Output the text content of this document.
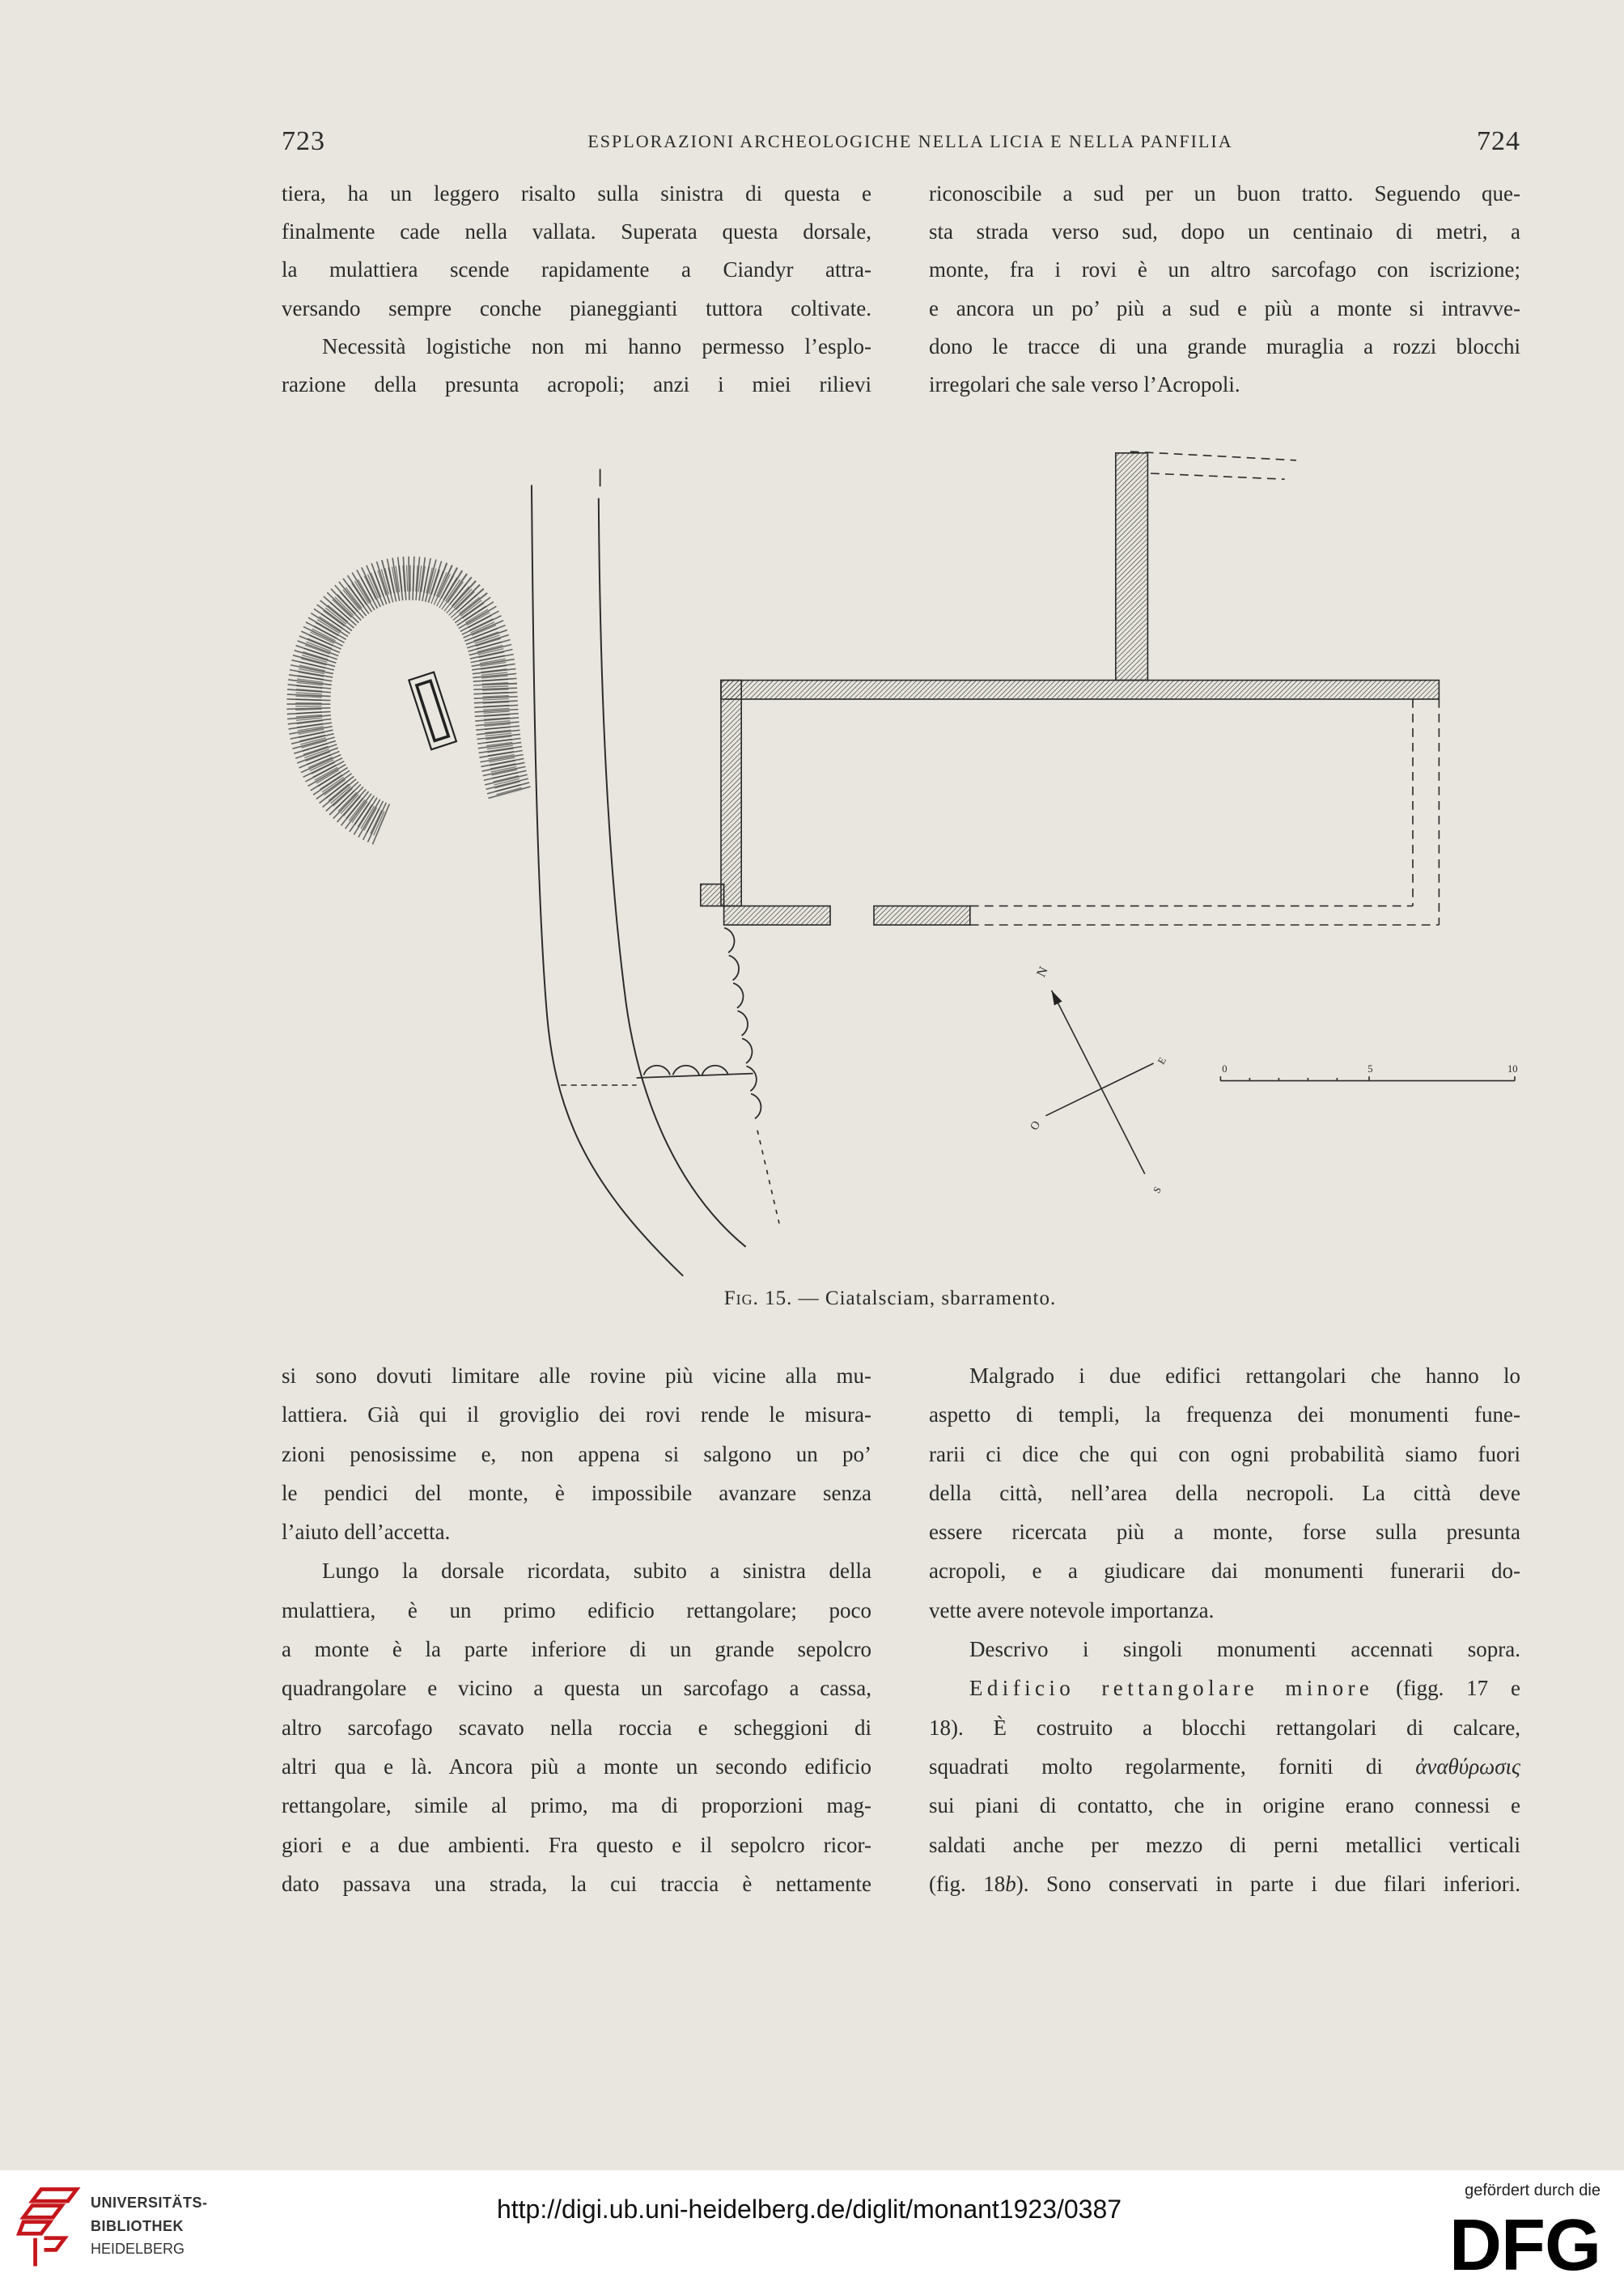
723	ESPLORAZIONI ARCHEOLOGICHE NELLA LICIA E NELLA PANFILIA	724
tiera, ha un leggero risalto sulla sinistra di questa e
finalmente cade nella vallata. Superata questa dorsale,
la mulattiera scende rapidamente a Ciandyr attra-
versando sempre conche pianeggianti tuttora coltivate.
Necessità logistiche non mi hanno permesso l’esplo-
razione della presunta acropoli; anzi i miei rilievi
riconoscibile a sud per un buon tratto. Seguendo que-
sta strada verso sud, dopo un centinaio di metri, a
monte, fra i rovi è un altro sarcofago con iscrizione;
e ancora un po’ più a sud e più a monte si intravve-
dono le tracce di una grande muraglia a rozzi blocchi
irregolari che sale verso l’Acropoli.
N
E
O
S
0	5	10
Fig. 15. — Ciatalsciam, sbarramento.
si sono dovuti limitare alle rovine più vicine alla mu-
lattiera. Già qui il groviglio dei rovi rende le misura-
zioni penosissime e, non appena si salgono un po’
le pendici del monte, è impossibile avanzare senza
l’aiuto dell’accetta.
Lungo la dorsale ricordata, subito a sinistra della
mulattiera, è un primo edificio rettangolare; poco
a monte è la parte inferiore di un grande sepolcro
quadrangolare e vicino a questa un sarcofago a cassa,
altro sarcofago scavato nella roccia e scheggioni di
altri qua e là. Ancora più a monte un secondo edificio
rettangolare, simile al primo, ma di proporzioni mag-
giori e a due ambienti. Fra questo e il sepolcro ricor-
dato passava una strada, la cui traccia è nettamente
Malgrado i due edifici rettangolari che hanno lo
aspetto di templi, la frequenza dei monumenti fune-
rarii ci dice che qui con ogni probabilità siamo fuori
della città, nell’area della necropoli. La città deve
essere ricercata più a monte, forse sulla presunta
acropoli, e a giudicare dai monumenti funerarii do-
vette avere notevole importanza.
Descrivo i singoli monumenti accennati sopra.
Edificio rettangolare minore (figg. 17 e
18). È costruito a blocchi rettangolari di calcare,
squadrati molto regolarmente, forniti di ἀναθύρωσις
sui piani di contatto, che in origine erano connessi e
saldati anche per mezzo di perni metallici verticali
(fig. 18b). Sono conservati in parte i due filari inferiori.
UNIVERSITÄTS-
BIBLIOTHEK
HEIDELBERG
http://digi.ub.uni-heidelberg.de/diglit/monant1923/0387
gefördert durch die
DFG
